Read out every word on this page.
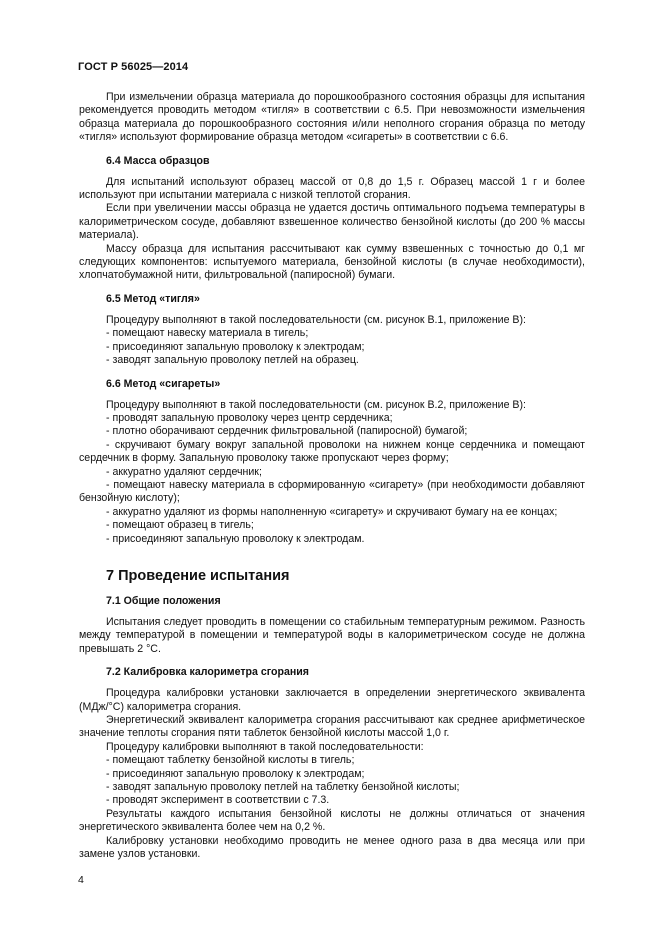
ГОСТ Р 56025—2014

При измельчении образца материала до порошкообразного состояния образцы для испытания рекомендуется проводить методом «тигля» в соответствии с 6.5. При невозможности измельчения образца материала до порошкообразного состояния и/или неполного сгорания образца по методу «тигля» используют формирование образца методом «сигареты» в соответствии с 6.6.

6.4 Масса образцов

Для испытаний используют образец массой от 0,8 до 1,5 г. Образец массой 1 г и более используют при испытании материала с низкой теплотой сгорания.

Если при увеличении массы образца не удается достичь оптимального подъема температуры в калориметрическом сосуде, добавляют взвешенное количество бензойной кислоты (до 200 % массы материала).

Массу образца для испытания рассчитывают как сумму взвешенных с точностью до 0,1 мг следующих компонентов: испытуемого материала, бензойной кислоты (в случае необходимости), хлопчатобумажной нити, фильтровальной (папиросной) бумаги.

6.5 Метод «тигля»

Процедуру выполняют в такой последовательности (см. рисунок В.1, приложение В):

- помещают навеску материала в тигель;

- присоединяют запальную проволоку к электродам;

- заводят запальную проволоку петлей на образец.

6.6 Метод «сигареты»

Процедуру выполняют в такой последовательности (см. рисунок В.2, приложение В):

- проводят запальную проволоку через центр сердечника;

- плотно оборачивают сердечник фильтровальной (папиросной) бумагой;

- скручивают бумагу вокруг запальной проволоки на нижнем конце сердечника и помещают сердечник в форму. Запальную проволоку также пропускают через форму;

- аккуратно удаляют сердечник;

- помещают навеску материала в сформированную «сигарету» (при необходимости добавляют бензойную кислоту);

- аккуратно удаляют из формы наполненную «сигарету» и скручивают бумагу на ее концах;

- помещают образец в тигель;

- присоединяют запальную проволоку к электродам.

7 Проведение испытания
7.1 Общие положения

Испытания следует проводить в помещении со стабильным температурным режимом. Разность между температурой в помещении и температурой воды в калориметрическом сосуде не должна превышать 2 °С.

7.2 Калибровка калориметра сгорания

Процедура калибровки установки заключается в определении энергетического эквивалента (МДж/°С) калориметра сгорания.

Энергетический эквивалент калориметра сгорания рассчитывают как среднее арифметическое значение теплоты сгорания пяти таблеток бензойной кислоты массой 1,0 г.

Процедуру калибровки выполняют в такой последовательности:

- помещают таблетку бензойной кислоты в тигель;

- присоединяют запальную проволоку к электродам;

- заводят запальную проволоку петлей на таблетку бензойной кислоты;

- проводят эксперимент в соответствии с 7.3.

Результаты каждого испытания бензойной кислоты не должны отличаться от значения энергетического эквивалента более чем на 0,2 %.

Калибровку установки необходимо проводить не менее одного раза в два месяца или при замене узлов установки.

4
